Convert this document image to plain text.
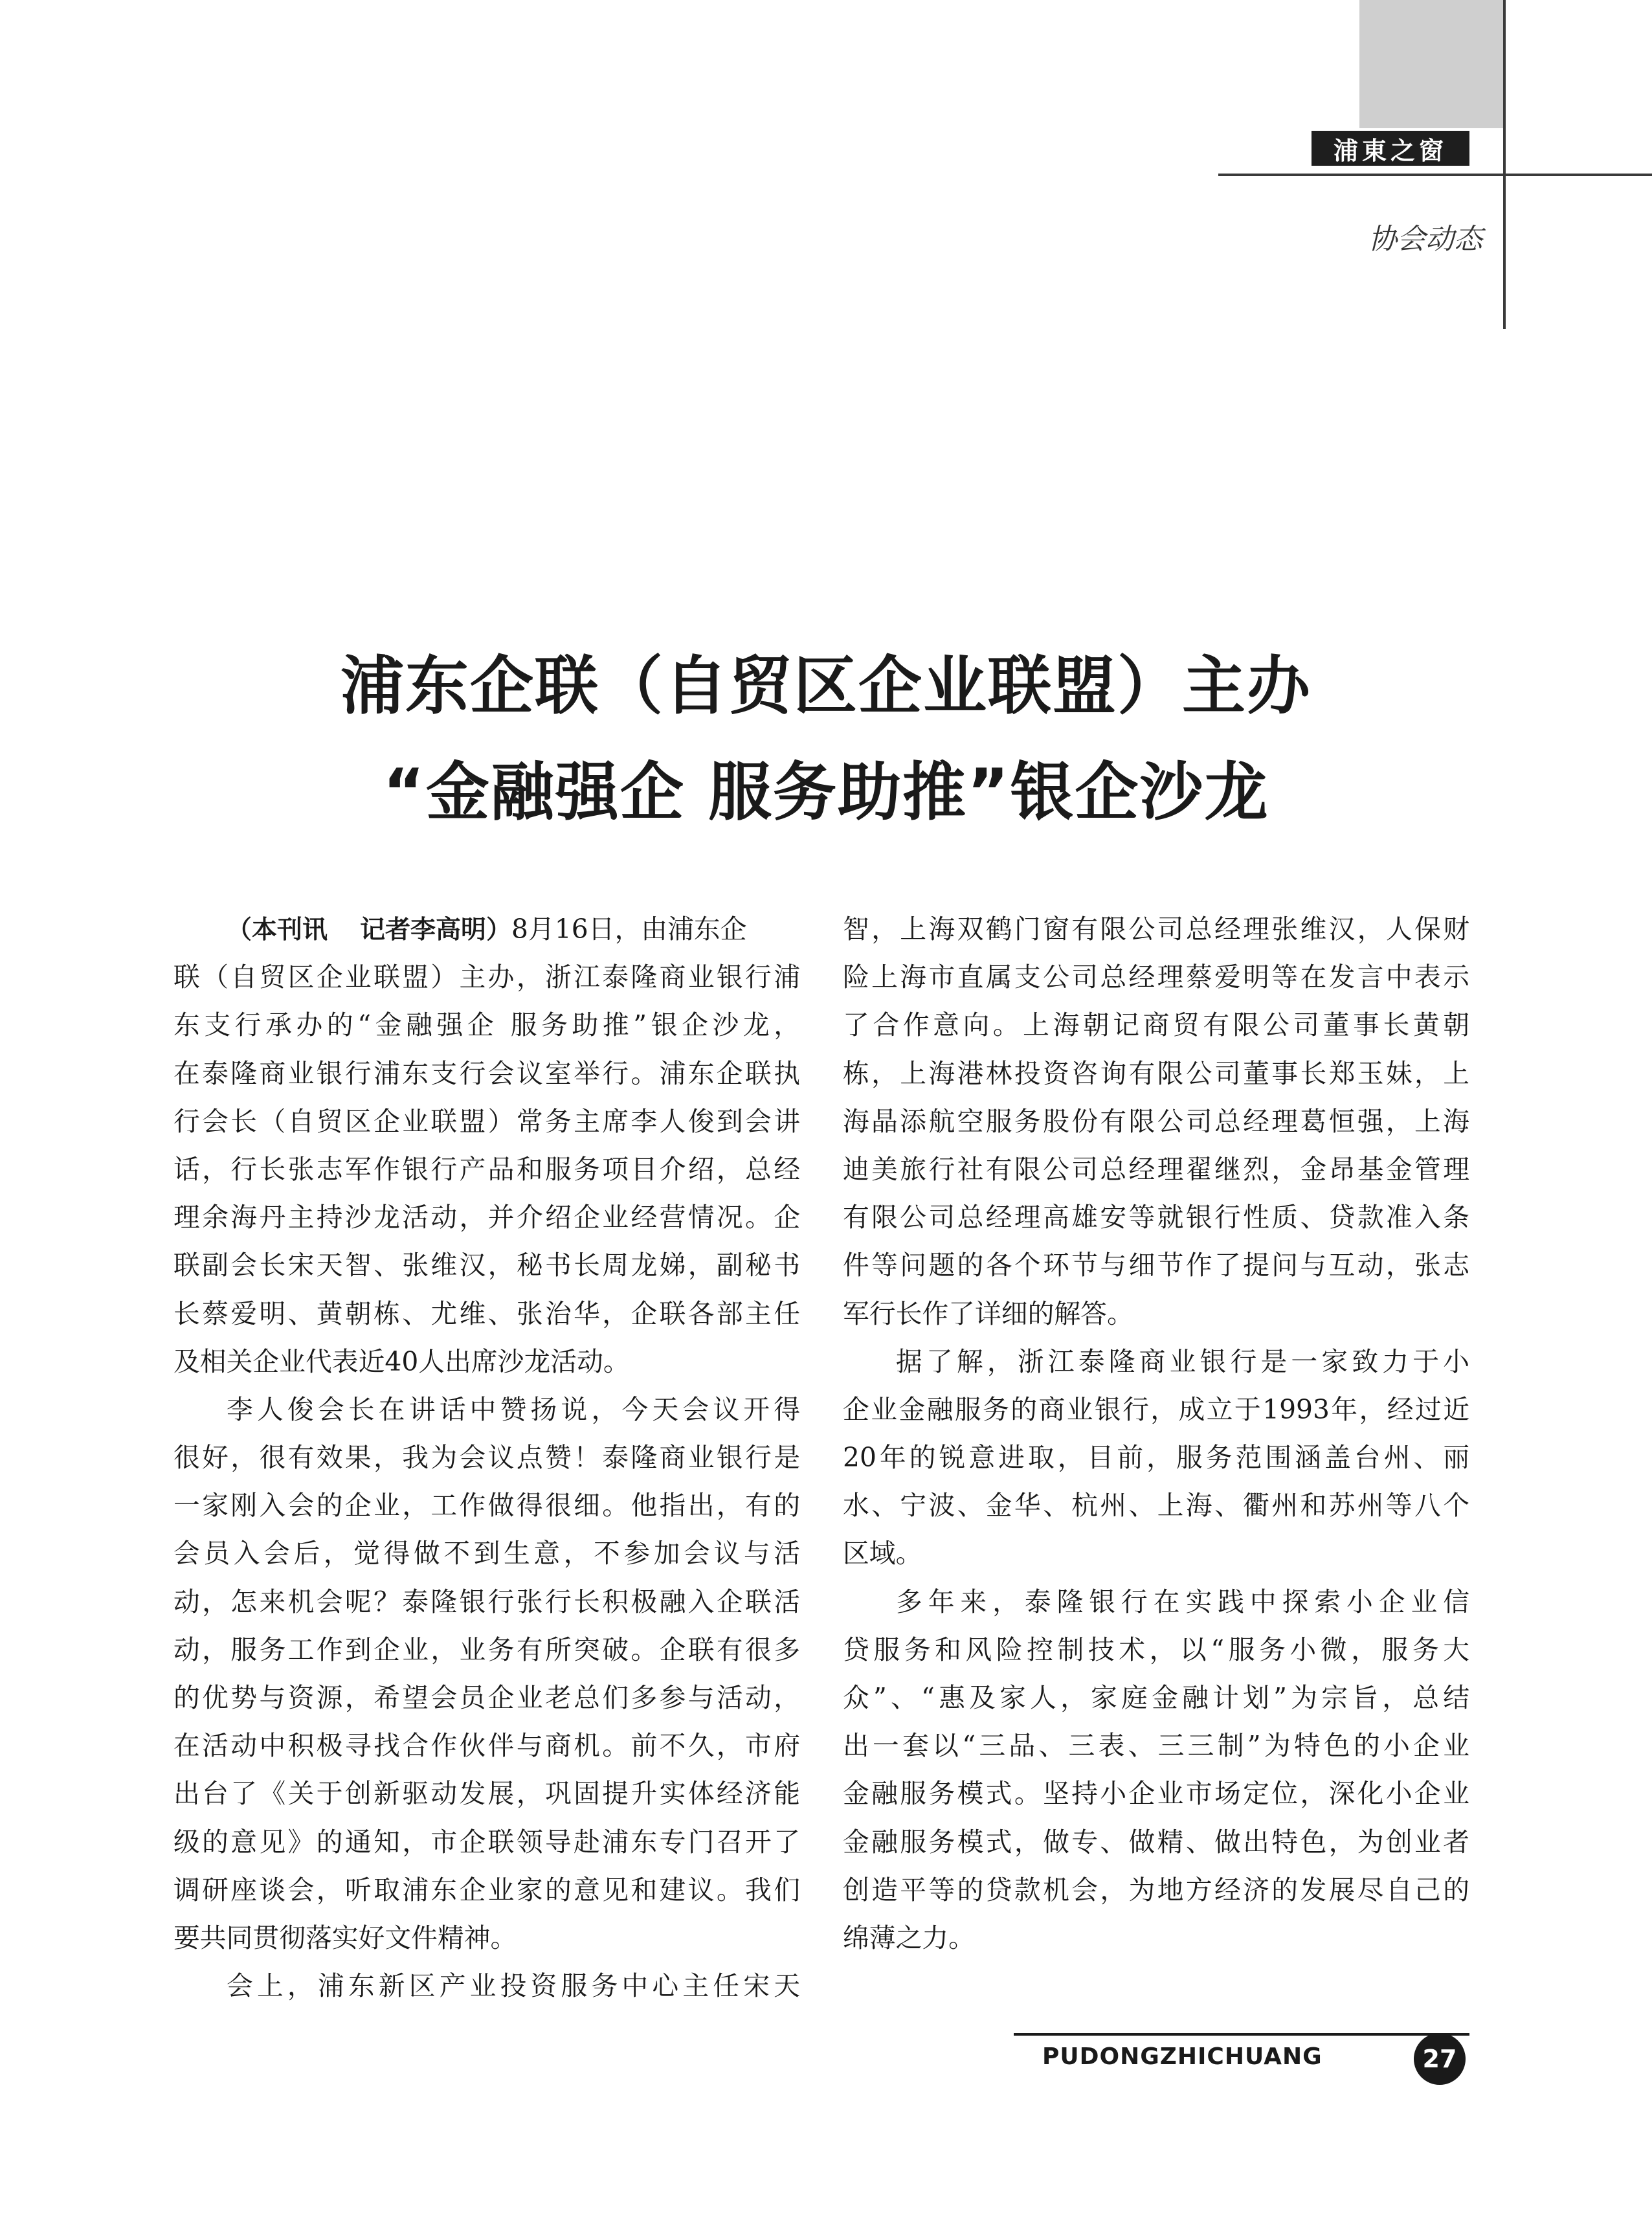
浦東之窗
协会动态
浦东企联（自贸区企业联盟）主办
“金融强企 服务助推”银企沙龙
（本刊讯 记者李高明）8月16日，由浦东企
联（自贸区企业联盟）主办，浙江泰隆商业银行浦
东支行承办的“金融强企 服务助推”银企沙龙，
在泰隆商业银行浦东支行会议室举行。浦东企联执
行会长（自贸区企业联盟）常务主席李人俊到会讲
话，行长张志军作银行产品和服务项目介绍，总经
理余海丹主持沙龙活动，并介绍企业经营情况。企
联副会长宋天智、张维汉，秘书长周龙娣，副秘书
长蔡爱明、黄朝栋、尤维、张治华，企联各部主任
及相关企业代表近40人出席沙龙活动。
李人俊会长在讲话中赞扬说，今天会议开得
很好，很有效果，我为会议点赞！泰隆商业银行是
一家刚入会的企业，工作做得很细。他指出，有的
会员入会后，觉得做不到生意，不参加会议与活
动，怎来机会呢？泰隆银行张行长积极融入企联活
动，服务工作到企业，业务有所突破。企联有很多
的优势与资源，希望会员企业老总们多参与活动，
在活动中积极寻找合作伙伴与商机。前不久，市府
出台了《关于创新驱动发展，巩固提升实体经济能
级的意见》的通知，市企联领导赴浦东专门召开了
调研座谈会，听取浦东企业家的意见和建议。我们
要共同贯彻落实好文件精神。
会上，浦东新区产业投资服务中心主任宋天
智，上海双鹤门窗有限公司总经理张维汉，人保财
险上海市直属支公司总经理蔡爱明等在发言中表示
了合作意向。上海朝记商贸有限公司董事长黄朝
栋，上海港林投资咨询有限公司董事长郑玉妹，上
海晶添航空服务股份有限公司总经理葛恒强，上海
迪美旅行社有限公司总经理翟继烈，金昂基金管理
有限公司总经理高雄安等就银行性质、贷款准入条
件等问题的各个环节与细节作了提问与互动，张志
军行长作了详细的解答。
据了解，浙江泰隆商业银行是一家致力于小
企业金融服务的商业银行，成立于1993年，经过近
20年的锐意进取，目前，服务范围涵盖台州、丽
水、宁波、金华、杭州、上海、衢州和苏州等八个
区域。
多年来，泰隆银行在实践中探索小企业信
贷服务和风险控制技术，以“服务小微，服务大
众”、“惠及家人，家庭金融计划”为宗旨，总结
出一套以“三品、三表、三三制”为特色的小企业
金融服务模式。坚持小企业市场定位，深化小企业
金融服务模式，做专、做精、做出特色，为创业者
创造平等的贷款机会，为地方经济的发展尽自己的
绵薄之力。
PUDONGZHICHUANG	27
